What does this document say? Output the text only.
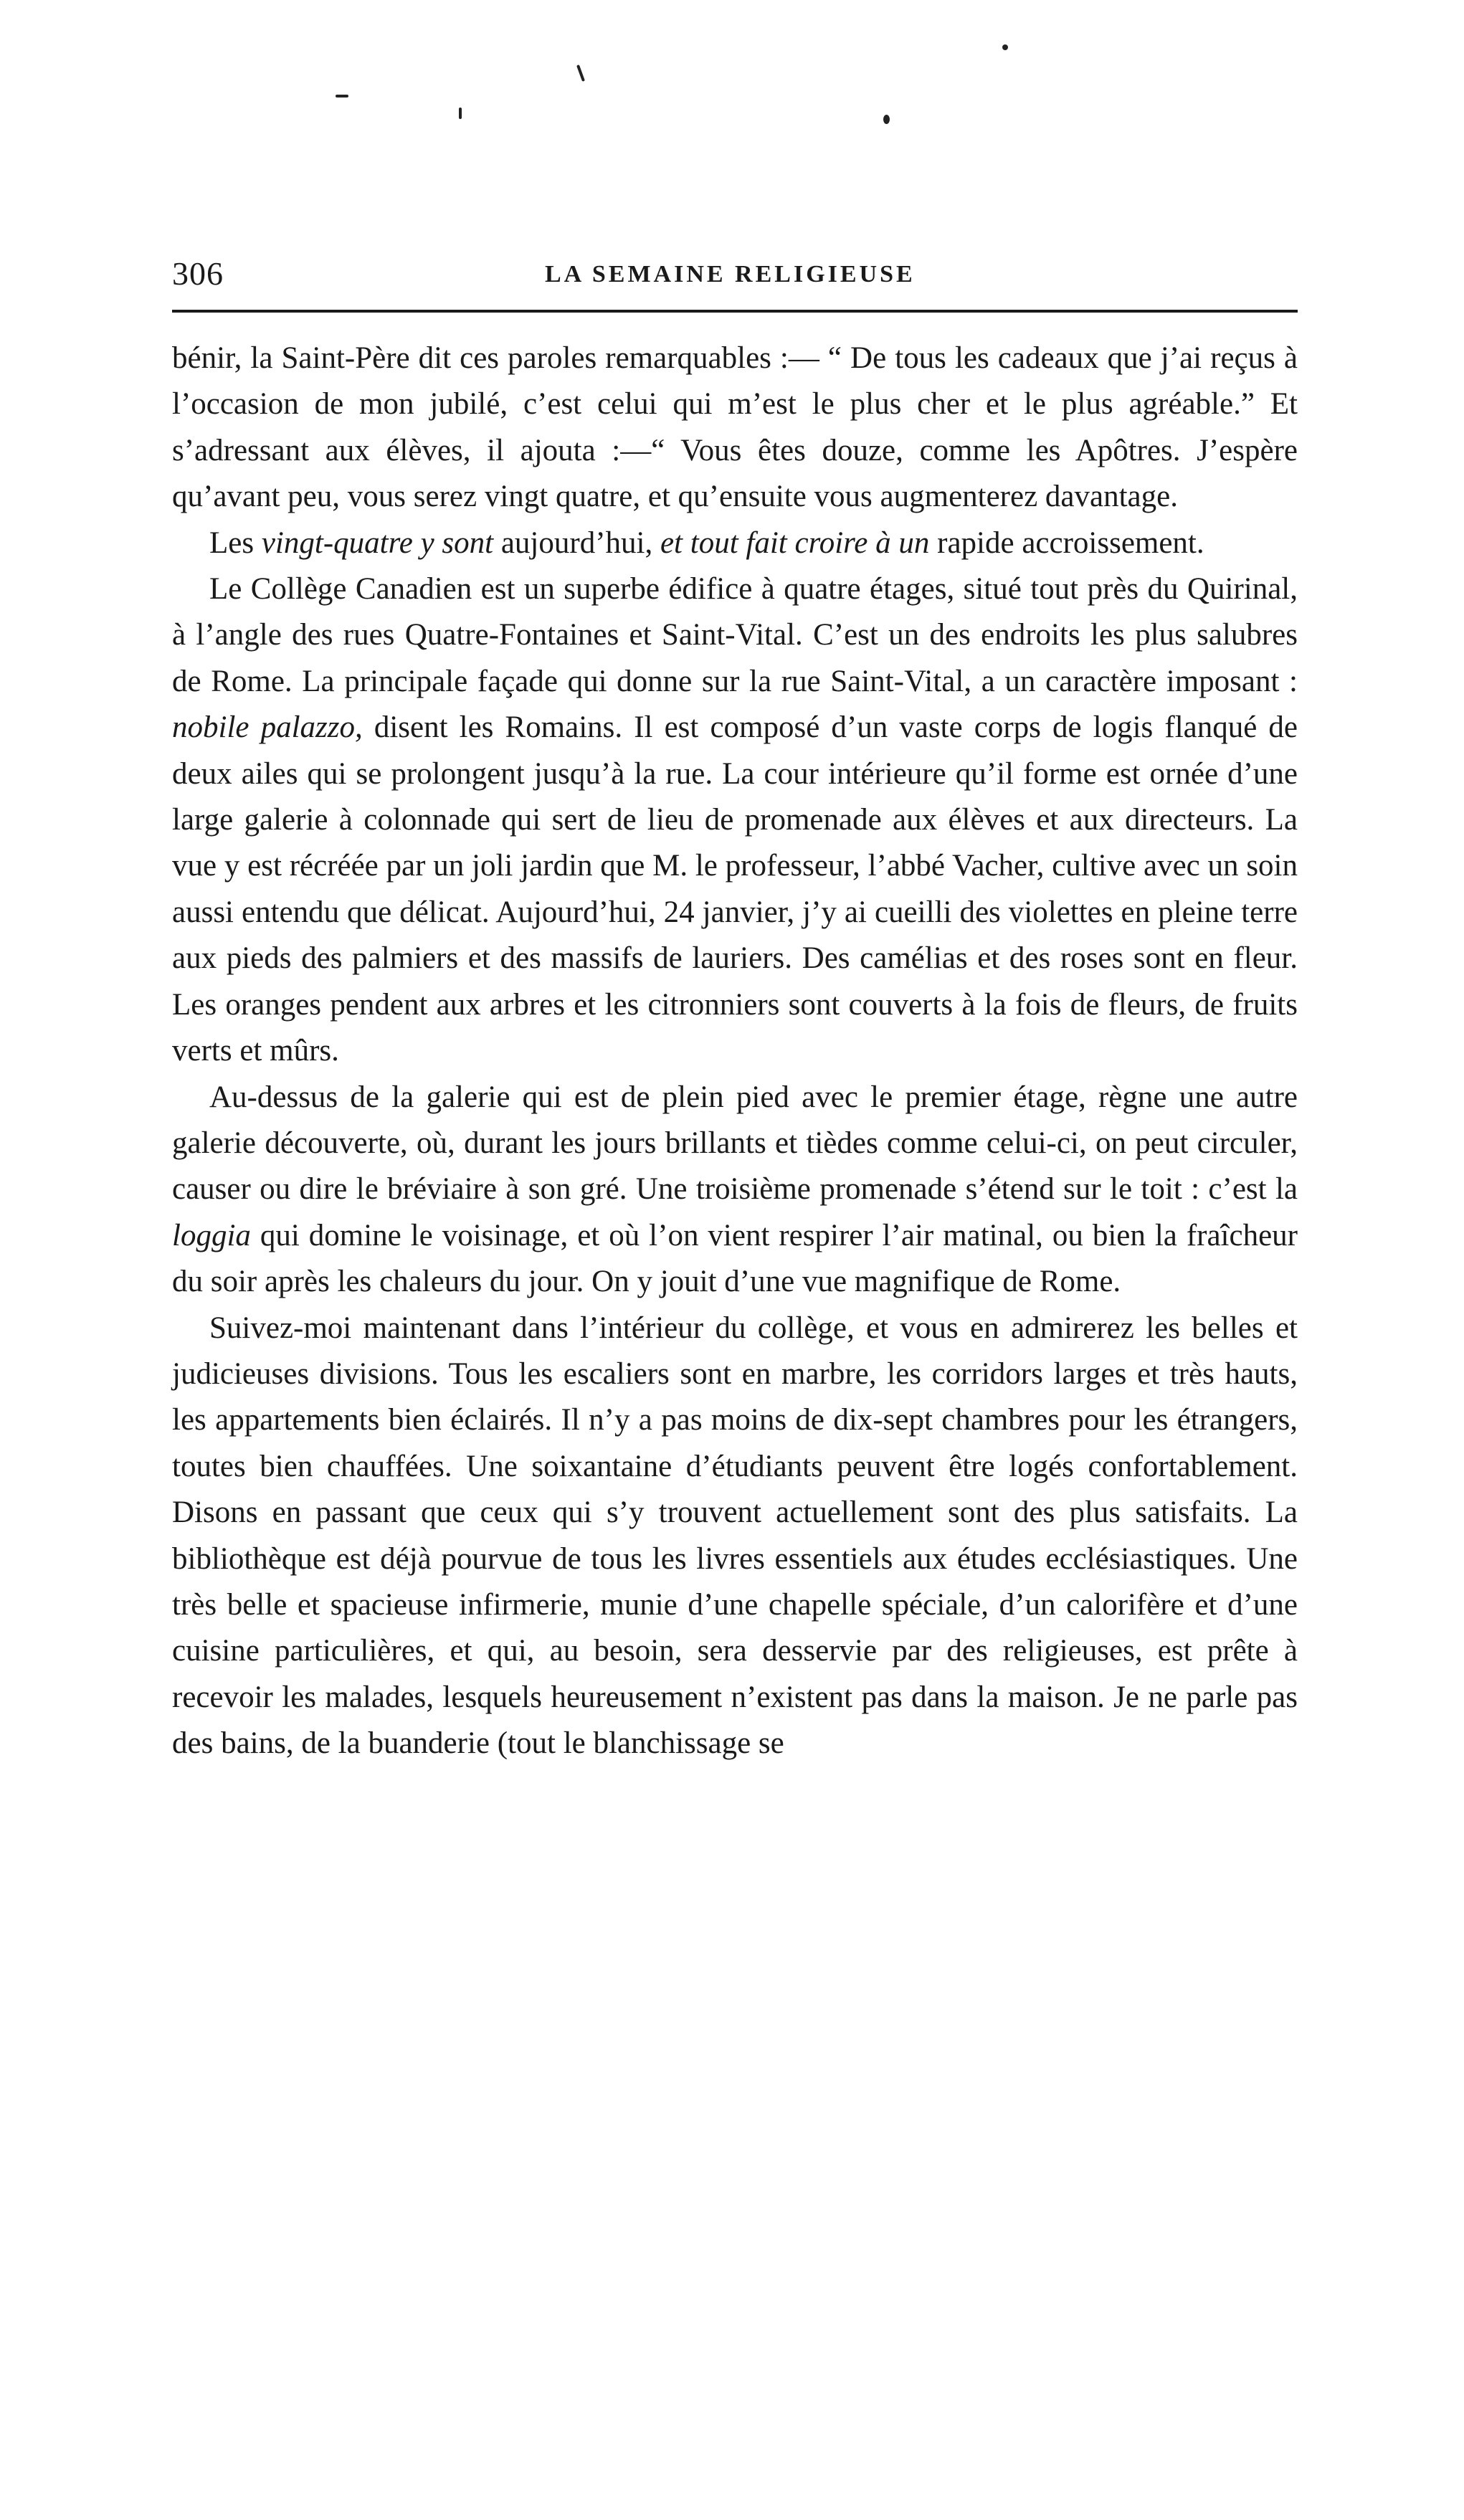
306	LA SEMAINE RELIGIEUSE

bénir, la Saint-Père dit ces paroles remarquables :— “ De tous les cadeaux que j’ai reçus à l’occasion de mon jubilé, c’est celui qui m’est le plus cher et le plus agréable.” Et s’adressant aux élèves, il ajouta :—“ Vous êtes douze, comme les Apôtres. J’espère qu’avant peu, vous serez vingt quatre, et qu’ensuite vous augmenterez davantage.

Les vingt-quatre y sont aujourd’hui, et tout fait croire à un rapide accroissement.

Le Collège Canadien est un superbe édifice à quatre étages, situé tout près du Quirinal, à l’angle des rues Quatre-Fontaines et Saint-Vital. C’est un des endroits les plus salubres de Rome. La principale façade qui donne sur la rue Saint-Vital, a un caractère imposant : nobile palazzo, disent les Romains. Il est composé d’un vaste corps de logis flanqué de deux ailes qui se prolongent jusqu’à la rue. La cour intérieure qu’il forme est ornée d’une large galerie à colonnade qui sert de lieu de promenade aux élèves et aux directeurs. La vue y est récréée par un joli jardin que M. le professeur, l’abbé Vacher, cultive avec un soin aussi entendu que délicat. Aujourd’hui, 24 janvier, j’y ai cueilli des violettes en pleine terre aux pieds des palmiers et des massifs de lauriers. Des camélias et des roses sont en fleur. Les oranges pendent aux arbres et les citronniers sont couverts à la fois de fleurs, de fruits verts et mûrs.

Au-dessus de la galerie qui est de plein pied avec le premier étage, règne une autre galerie découverte, où, durant les jours brillants et tièdes comme celui-ci, on peut circuler, causer ou dire le bréviaire à son gré. Une troisième promenade s’étend sur le toit : c’est la loggia qui domine le voisinage, et où l’on vient respirer l’air matinal, ou bien la fraîcheur du soir après les chaleurs du jour. On y jouit d’une vue magnifique de Rome.

Suivez-moi maintenant dans l’intérieur du collège, et vous en admirerez les belles et judicieuses divisions. Tous les escaliers sont en marbre, les corridors larges et très hauts, les appartements bien éclairés. Il n’y a pas moins de dix-sept chambres pour les étrangers, toutes bien chauffées. Une soixantaine d’étudiants peuvent être logés confortablement. Disons en passant que ceux qui s’y trouvent actuellement sont des plus satisfaits. La bibliothèque est déjà pourvue de tous les livres essentiels aux études ecclésiastiques. Une très belle et spacieuse infirmerie, munie d’une chapelle spéciale, d’un calorifère et d’une cuisine particulières, et qui, au besoin, sera desservie par des religieuses, est prête à recevoir les malades, lesquels heureusement n’existent pas dans la maison. Je ne parle pas des bains, de la buanderie (tout le blanchissage se
